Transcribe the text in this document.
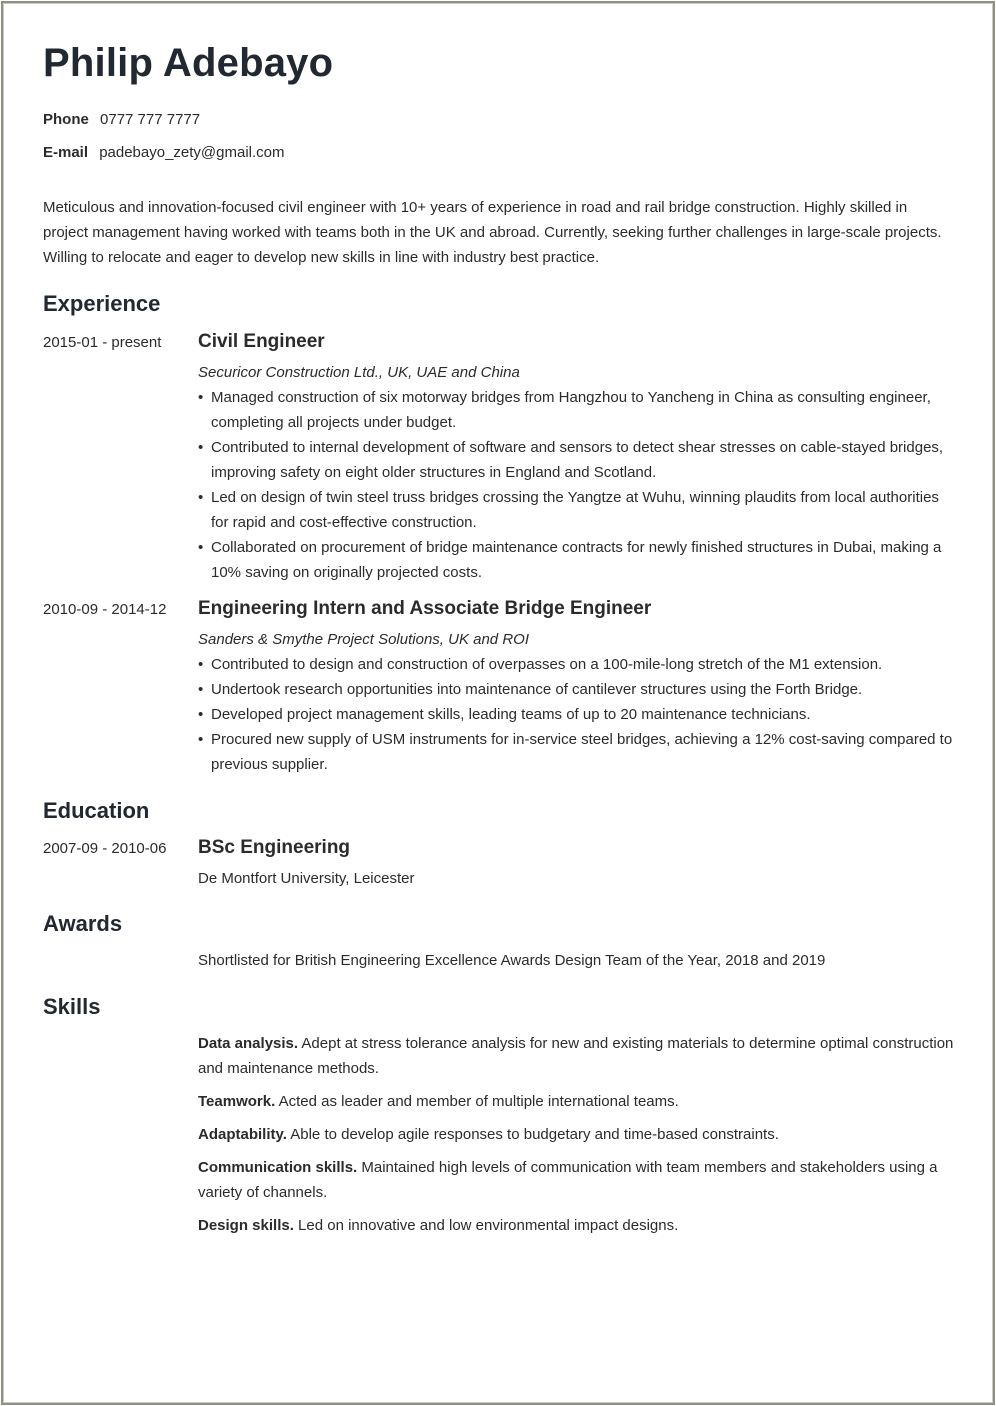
Philip Adebayo
Phone 0777 777 7777
E-mail padebayo_zety@gmail.com
Meticulous and innovation-focused civil engineer with 10+ years of experience in road and rail bridge construction. Highly skilled in project management having worked with teams both in the UK and abroad. Currently, seeking further challenges in large-scale projects. Willing to relocate and eager to develop new skills in line with industry best practice.
Experience
2015-01 - present	Civil Engineer
Securicor Construction Ltd., UK, UAE and China
• Managed construction of six motorway bridges from Hangzhou to Yancheng in China as consulting engineer, completing all projects under budget.
• Contributed to internal development of software and sensors to detect shear stresses on cable-stayed bridges, improving safety on eight older structures in England and Scotland.
• Led on design of twin steel truss bridges crossing the Yangtze at Wuhu, winning plaudits from local authorities for rapid and cost-effective construction.
• Collaborated on procurement of bridge maintenance contracts for newly finished structures in Dubai, making a 10% saving on originally projected costs.
2010-09 - 2014-12	Engineering Intern and Associate Bridge Engineer
Sanders & Smythe Project Solutions, UK and ROI
• Contributed to design and construction of overpasses on a 100-mile-long stretch of the M1 extension.
• Undertook research opportunities into maintenance of cantilever structures using the Forth Bridge.
• Developed project management skills, leading teams of up to 20 maintenance technicians.
• Procured new supply of USM instruments for in-service steel bridges, achieving a 12% cost-saving compared to previous supplier.
Education
2007-09 - 2010-06	BSc Engineering
De Montfort University, Leicester
Awards
Shortlisted for British Engineering Excellence Awards Design Team of the Year, 2018 and 2019
Skills
Data analysis. Adept at stress tolerance analysis for new and existing materials to determine optimal construction and maintenance methods.
Teamwork. Acted as leader and member of multiple international teams.
Adaptability. Able to develop agile responses to budgetary and time-based constraints.
Communication skills. Maintained high levels of communication with team members and stakeholders using a variety of channels.
Design skills. Led on innovative and low environmental impact designs.
